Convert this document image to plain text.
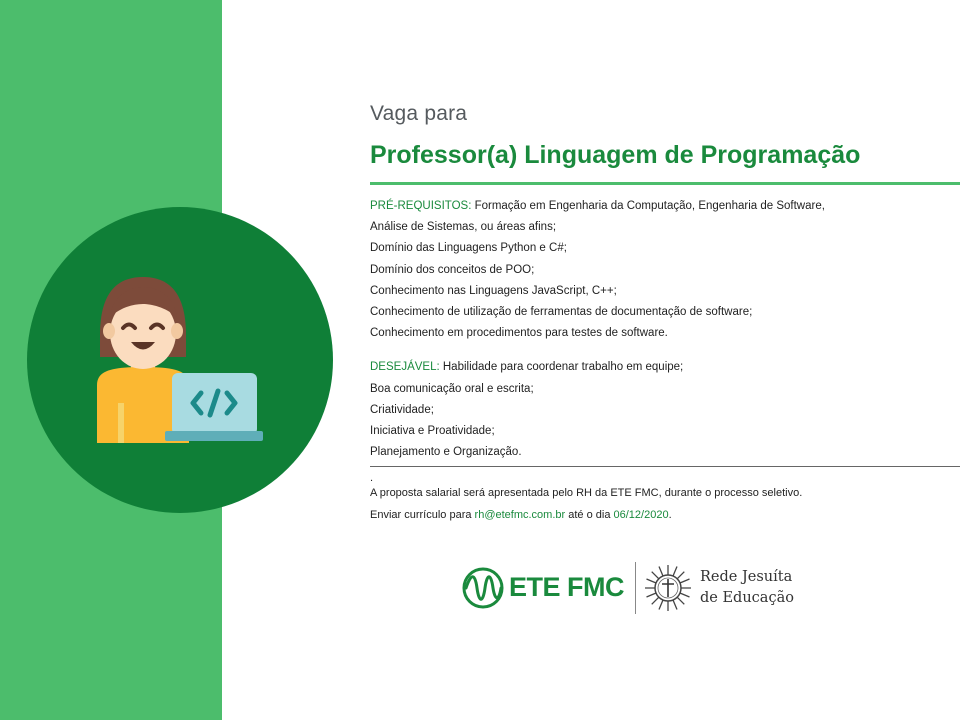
Vaga para
Professor(a) Linguagem de Programação
PRÉ-REQUISITOS: Formação em Engenharia da Computação, Engenharia de Software,
Análise de Sistemas, ou áreas afins;
Domínio das Linguagens Python e C#;
Domínio dos conceitos de POO;
Conhecimento nas Linguagens JavaScript, C++;
Conhecimento de utilização de ferramentas de documentação de software;
Conhecimento em procedimentos para testes de software.
DESEJÁVEL: Habilidade para coordenar trabalho em equipe;
Boa comunicação oral e escrita;
Criatividade;
Iniciativa e Proatividade;
Planejamento e Organização.
.
A proposta salarial será apresentada pelo RH da ETE FMC, durante o processo seletivo.
Enviar currículo para rh@etefmc.com.br até o dia 06/12/2020.
ETE FMC	Rede Jesuíta
de Educação
